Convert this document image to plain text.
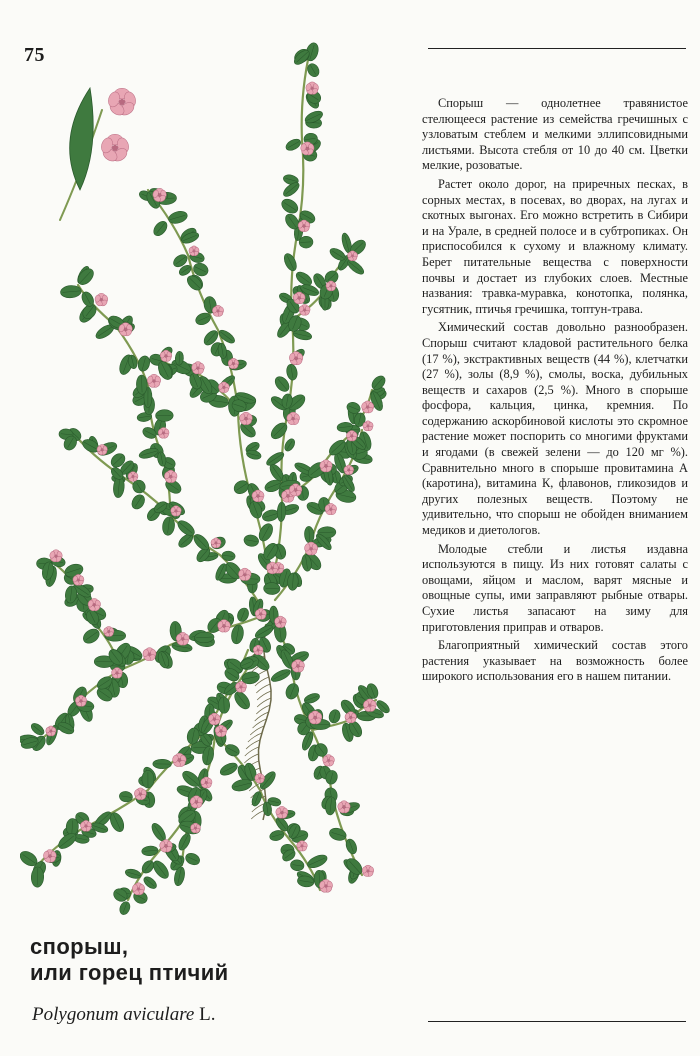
75

Спорыш — однолетнее травянистое стелющееся растение из семейства гречишных с узловатым стеблем и мелкими эллипсовидными листьями. Высота стебля от 10 до 40 см. Цветки мелкие, розоватые.

Растет около дорог, на приречных песках, в сорных местах, в посевах, во дворах, на лугах и скотных выгонах. Его можно встретить в Сибири и на Урале, в средней полосе и в субтропиках. Он приспособился к сухому и влажному климату. Берет питательные вещества с поверхности почвы и достает из глубоких слоев. Местные названия: травка-муравка, конотопка, полянка, гусятник, птичья гречишка, топтун-трава.

Химический состав довольно разнообразен. Спорыш считают кладовой растительного белка (17 %), экстрактивных веществ (44 %), клетчатки (27 %), золы (8,9 %), смолы, воска, дубильных веществ и сахаров (2,5 %). Много в спорыше фосфора, кальция, цинка, кремния. По содержанию аскорбиновой кислоты это скромное растение может поспорить со многими фруктами и ягодами (в свежей зелени — до 120 мг %). Сравнительно много в спорыше провитамина А (каротина), витамина К, флавонов, гликозидов и других полезных веществ. Поэтому не удивительно, что спорыш не обойден вниманием медиков и диетологов.

Молодые стебли и листья издавна используются в пищу. Из них готовят салаты с овощами, яйцом и маслом, варят мясные и овощные супы, ими заправляют рыбные отвары. Сухие листья запасают на зиму для приготовления приправ и отваров.

Благоприятный химический состав этого растения указывает на возможность более широкого использования его в нашем питании.

спорыш,
или горец птичий
Polygonum aviculare L.
